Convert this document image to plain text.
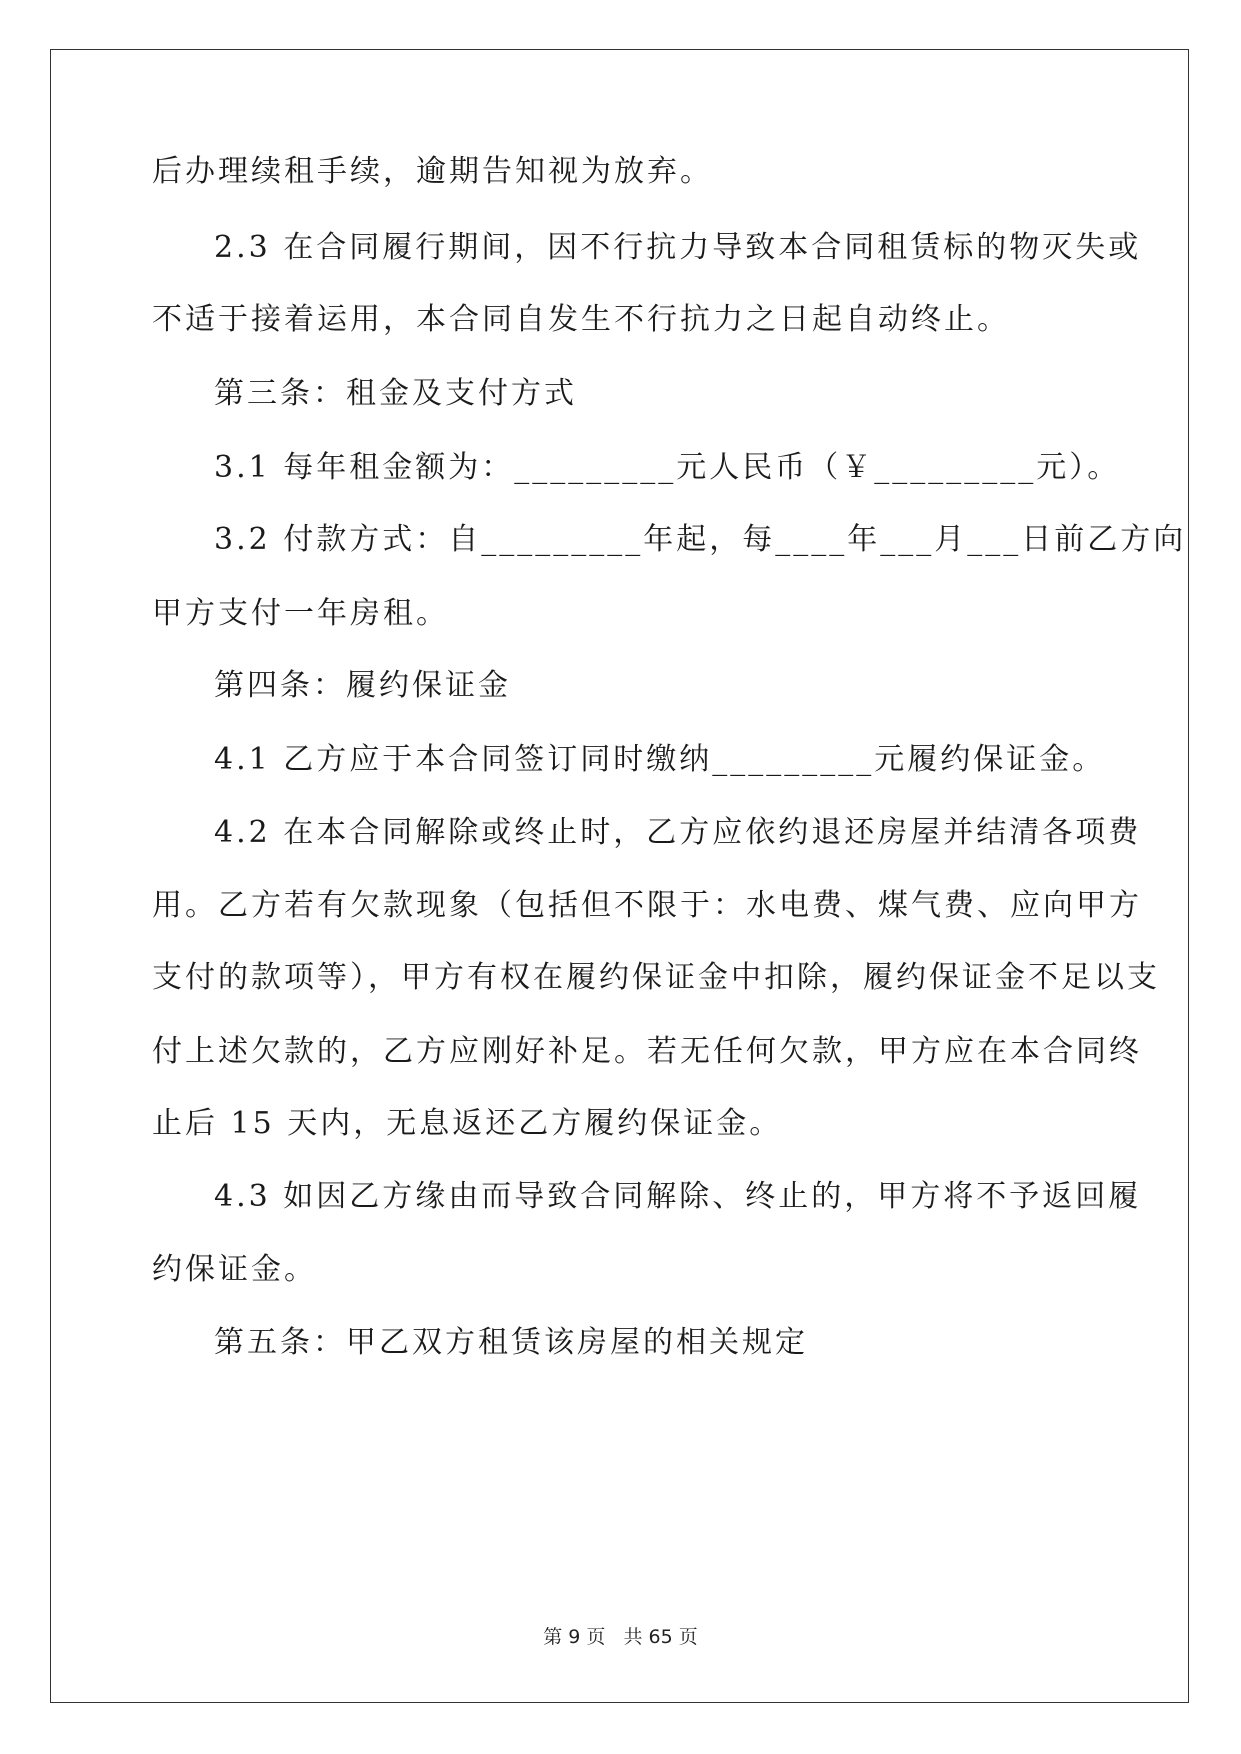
后办理续租手续，逾期告知视为放弃。
2.3 在合同履行期间，因不行抗力导致本合同租赁标的物灭失或
不适于接着运用，本合同自发生不行抗力之日起自动终止。
第三条：租金及支付方式
3.1 每年租金额为：_________元人民币（￥_________元）。
3.2 付款方式：自_________年起，每____年___月___日前乙方向
甲方支付一年房租。
第四条：履约保证金
4.1 乙方应于本合同签订同时缴纳_________元履约保证金。
4.2 在本合同解除或终止时，乙方应依约退还房屋并结清各项费
用。乙方若有欠款现象（包括但不限于：水电费、煤气费、应向甲方
支付的款项等），甲方有权在履约保证金中扣除，履约保证金不足以支
付上述欠款的，乙方应刚好补足。若无任何欠款，甲方应在本合同终
止后 15 天内，无息返还乙方履约保证金。
4.3 如因乙方缘由而导致合同解除、终止的，甲方将不予返回履
约保证金。
第五条：甲乙双方租赁该房屋的相关规定
第 9 页 共 65 页
